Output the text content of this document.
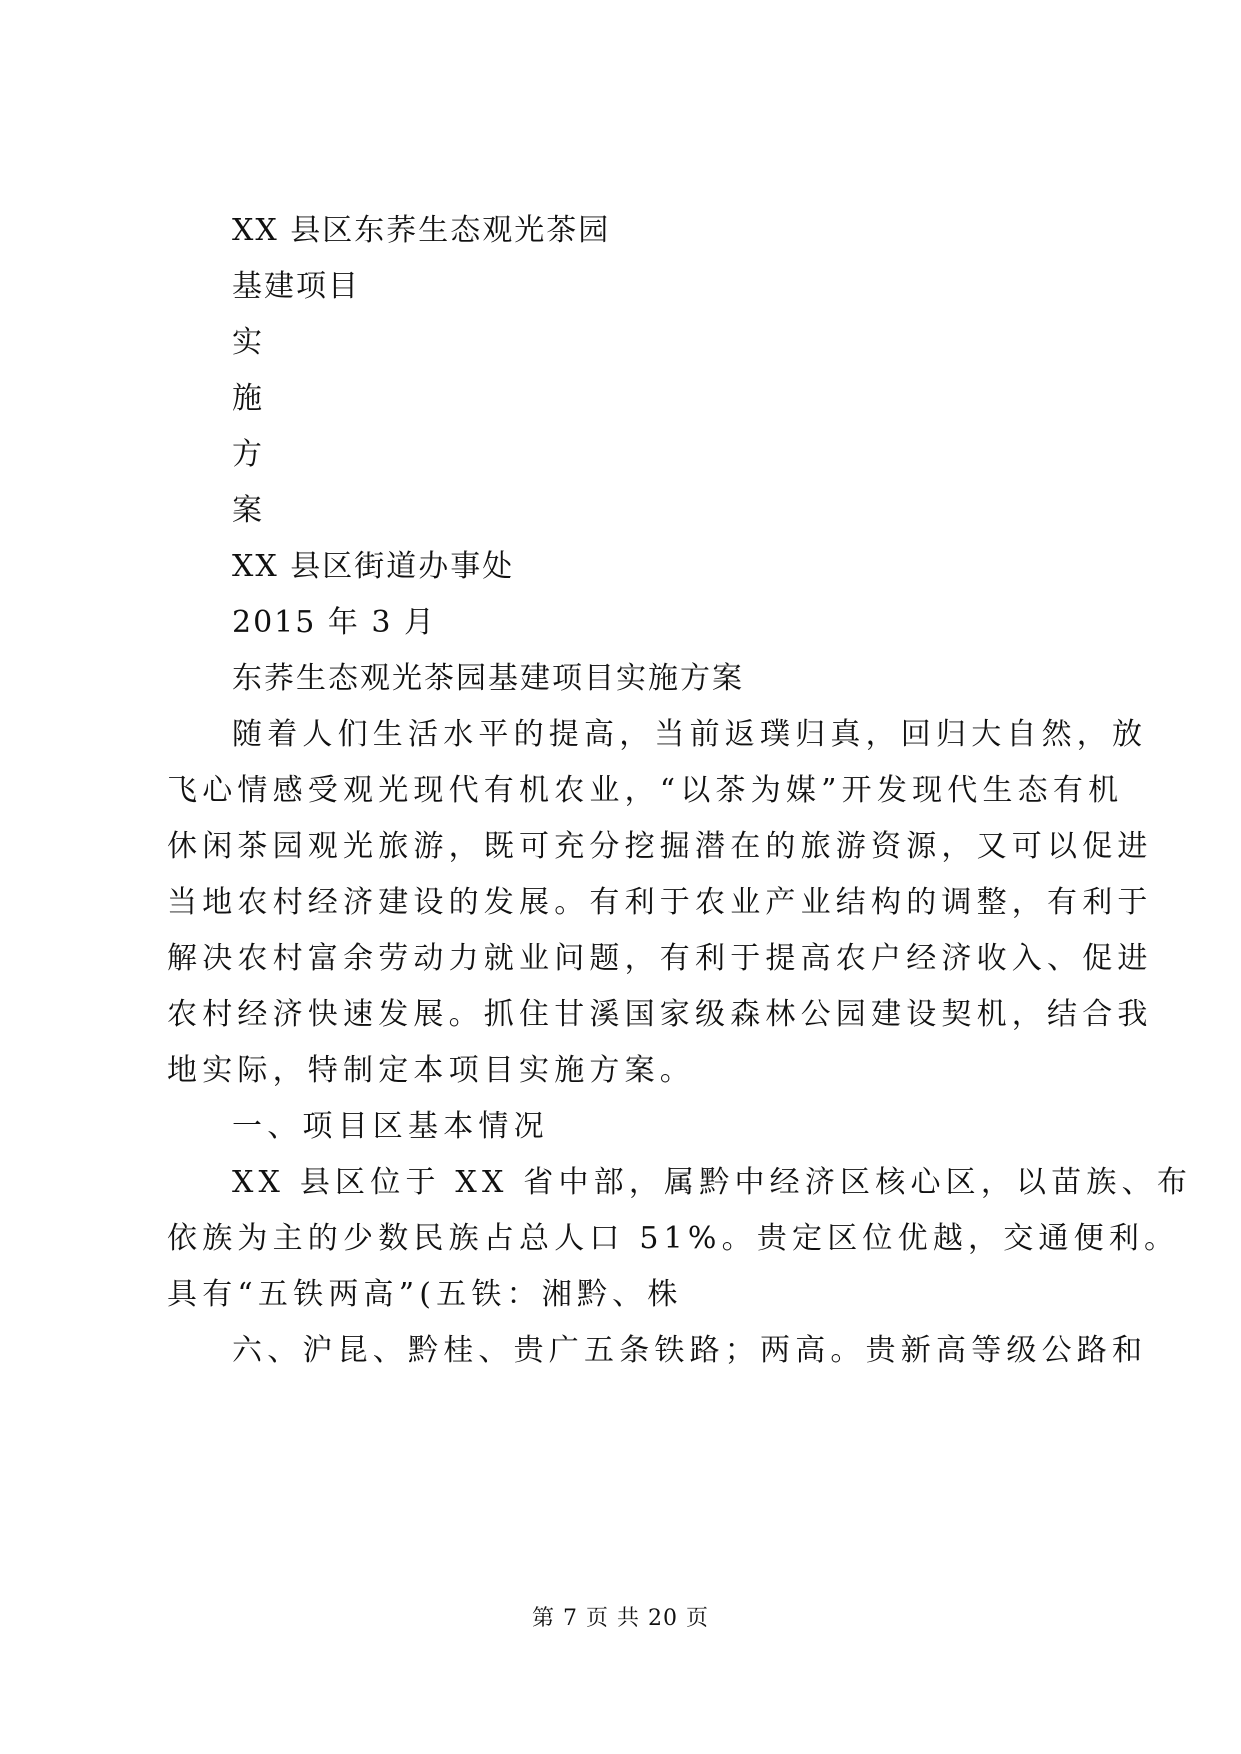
XX 县区东荞生态观光茶园
基建项目
实
施
方
案
XX 县区街道办事处
2015 年 3 月
东荞生态观光茶园基建项目实施方案
随着人们生活水平的提高，当前返璞归真，回归大自然，放
飞心情感受观光现代有机农业，“以茶为媒”开发现代生态有机
休闲茶园观光旅游，既可充分挖掘潜在的旅游资源，又可以促进
当地农村经济建设的发展。有利于农业产业结构的调整，有利于
解决农村富余劳动力就业问题，有利于提高农户经济收入、促进
农村经济快速发展。抓住甘溪国家级森林公园建设契机，结合我
地实际，特制定本项目实施方案。
一、项目区基本情况
XX 县区位于 XX 省中部，属黔中经济区核心区，以苗族、布
依族为主的少数民族占总人口 51%。贵定区位优越，交通便利。
具有“五铁两高”(五铁：湘黔、株
六、沪昆、黔桂、贵广五条铁路；两高。贵新高等级公路和
第 7 页 共 20 页
